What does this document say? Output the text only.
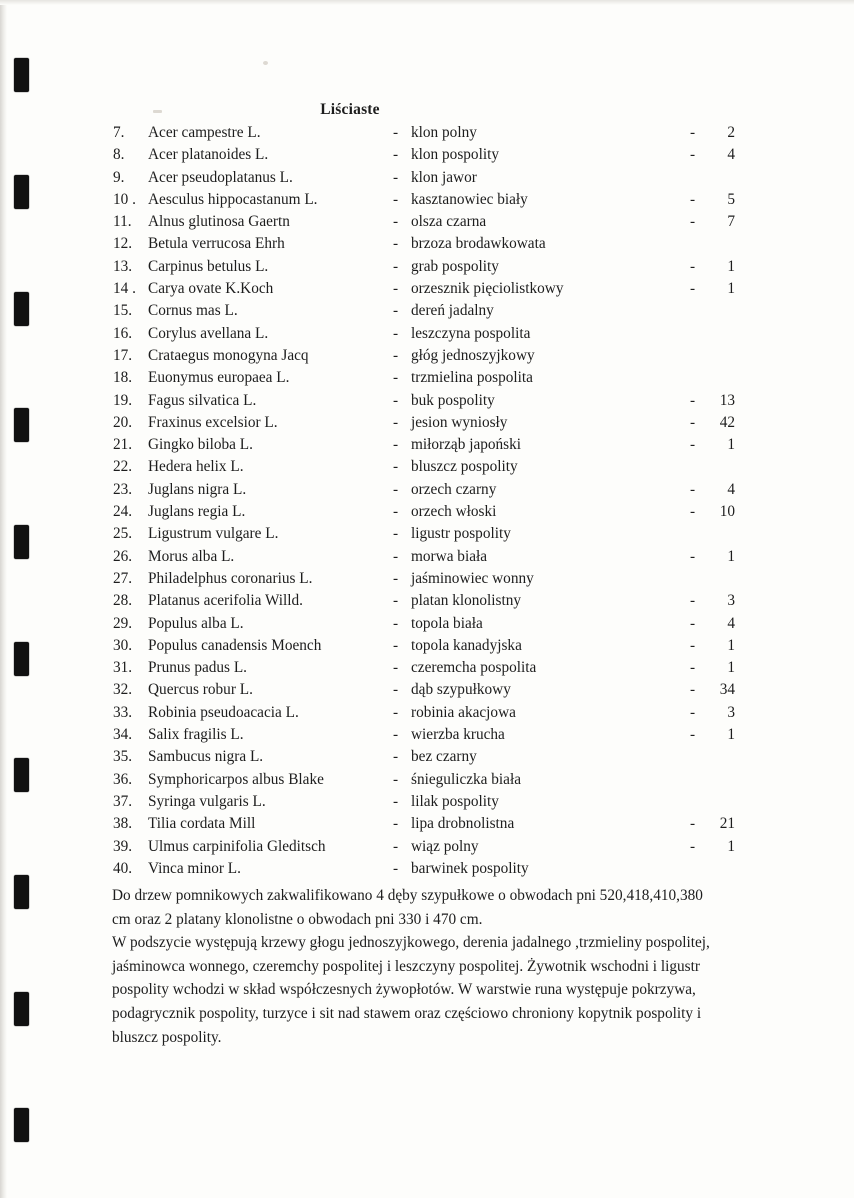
Liściaste
7.	Acer campestre L.	- klon polny	-	2
8.	Acer platanoides L.	- klon pospolity	-	4
9.	Acer pseudoplatanus L.	- klon jawor
10 . Aesculus hippocastanum L.	- kasztanowiec biały	-	5
11.	Alnus glutinosa Gaertn	- olsza czarna	-	7
12.	Betula verrucosa Ehrh	- brzoza brodawkowata
13.	Carpinus betulus L.	- grab pospolity	-	1
14 . Carya ovate K.Koch	- orzesznik pięciolistkowy	-	1
15.	Cornus mas L.	- dereń jadalny
16.	Corylus avellana L.	- leszczyna pospolita
17.	Crataegus monogyna Jacq	- głóg jednoszyjkowy
18.	Euonymus europaea L.	- trzmielina pospolita
19.	Fagus silvatica L.	- buk pospolity	-	13
20.	Fraxinus excelsior L.	- jesion wyniosły	-	42
21.	Gingko biloba L.	- miłorząb japoński	-	1
22.	Hedera helix L.	- bluszcz pospolity
23.	Juglans nigra L.	- orzech czarny	-	4
24.	Juglans regia L.	- orzech włoski	-	10
25.	Ligustrum vulgare L.	- ligustr pospolity
26.	Morus alba L.	- morwa biała	-	1
27.	Philadelphus coronarius L.	- jaśminowiec wonny
28.	Platanus acerifolia Willd.	- platan klonolistny	-	3
29.	Populus alba L.	- topola biała	-	4
30.	Populus canadensis Moench	- topola kanadyjska	-	1
31.	Prunus padus L.	- czeremcha pospolita	-	1
32.	Quercus robur L.	- dąb szypułkowy	-	34
33.	Robinia pseudoacacia L.	- robinia akacjowa	-	3
34.	Salix fragilis L.	- wierzba krucha	-	1
35.	Sambucus nigra L.	- bez czarny
36.	Symphoricarpos albus Blake	- śnieguliczka biała
37.	Syringa vulgaris L.	- lilak pospolity
38.	Tilia cordata Mill	- lipa drobnolistna	-	21
39.	Ulmus carpinifolia Gleditsch	- wiąz polny	-	1
40.	Vinca minor L.	- barwinek pospolity

Do drzew pomnikowych zakwalifikowano 4 dęby szypułkowe o obwodach pni 520,418,410,380
cm oraz 2 platany klonolistne o obwodach pni 330 i 470 cm.

W podszycie występują krzewy głogu jednoszyjkowego, derenia jadalnego ,trzmieliny pospolitej,
jaśminowca wonnego, czeremchy pospolitej i leszczyny pospolitej. Żywotnik wschodni i ligustr
pospolity wchodzi w skład współczesnych żywopłotów. W warstwie runa występuje pokrzywa,
podagrycznik pospolity, turzyce i sit nad stawem oraz częściowo chroniony kopytnik pospolity i
bluszcz pospolity.
